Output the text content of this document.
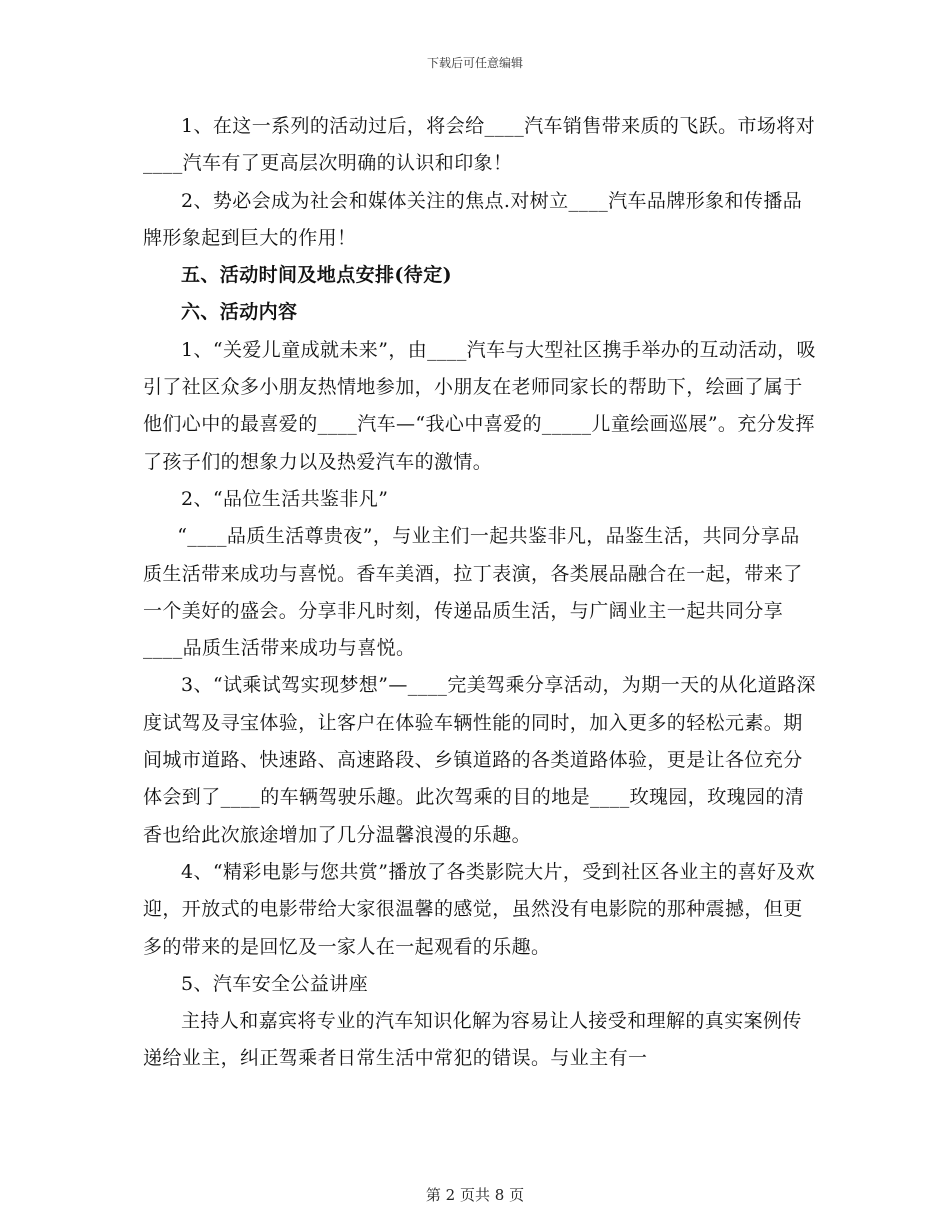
下载后可任意编辑

1、在这一系列的活动过后，将会给____汽车销售带来质的飞跃。市场将对____汽车有了更高层次明确的认识和印象！

2、势必会成为社会和媒体关注的焦点.对树立____汽车品牌形象和传播品牌形象起到巨大的作用！

五、活动时间及地点安排(待定)

六、活动内容

1、“关爱儿童成就未来”，由____汽车与大型社区携手举办的互动活动，吸引了社区众多小朋友热情地参加，小朋友在老师同家长的帮助下，绘画了属于他们心中的最喜爱的____汽车—“我心中喜爱的_____儿童绘画巡展”。充分发挥了孩子们的想象力以及热爱汽车的激情。

2、“品位生活共鉴非凡”

“____品质生活尊贵夜”，与业主们一起共鉴非凡，品鉴生活，共同分享品质生活带来成功与喜悦。香车美酒，拉丁表演，各类展品融合在一起，带来了一个美好的盛会。分享非凡时刻，传递品质生活，与广阔业主一起共同分享____品质生活带来成功与喜悦。

3、“试乘试驾实现梦想”—____完美驾乘分享活动，为期一天的从化道路深度试驾及寻宝体验，让客户在体验车辆性能的同时，加入更多的轻松元素。期间城市道路、快速路、高速路段、乡镇道路的各类道路体验，更是让各位充分体会到了____的车辆驾驶乐趣。此次驾乘的目的地是____玫瑰园，玫瑰园的清香也给此次旅途增加了几分温馨浪漫的乐趣。

4、“精彩电影与您共赏”播放了各类影院大片，受到社区各业主的喜好及欢迎，开放式的电影带给大家很温馨的感觉，虽然没有电影院的那种震撼，但更多的带来的是回忆及一家人在一起观看的乐趣。

5、汽车安全公益讲座

主持人和嘉宾将专业的汽车知识化解为容易让人接受和理解的真实案例传递给业主，纠正驾乘者日常生活中常犯的错误。与业主有一

第 2 页共 8 页
